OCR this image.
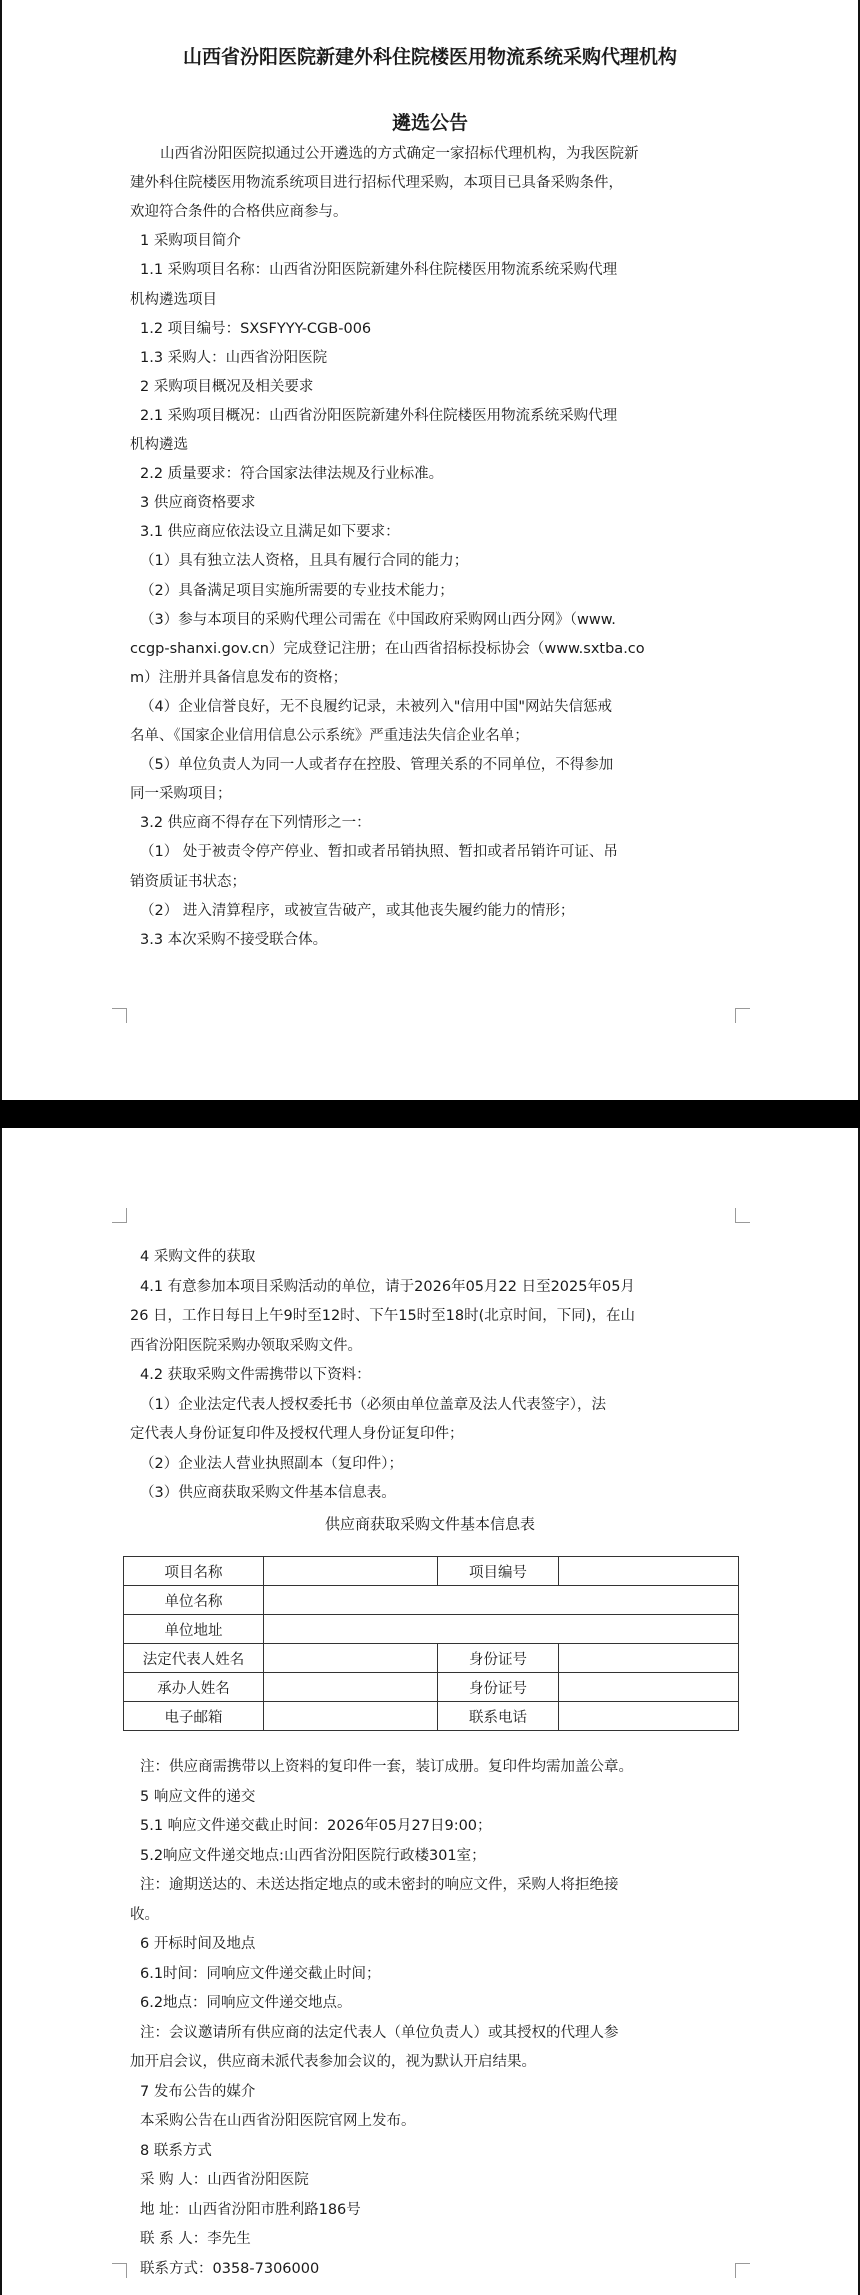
山西省汾阳医院新建外科住院楼医用物流系统采购代理机构
遴选公告
山西省汾阳医院拟通过公开遴选的方式确定一家招标代理机构，为我医院新
建外科住院楼医用物流系统项目进行招标代理采购，本项目已具备采购条件，
欢迎符合条件的合格供应商参与。
1 采购项目简介
1.1 采购项目名称：山西省汾阳医院新建外科住院楼医用物流系统采购代理
机构遴选项目
1.2 项目编号：SXSFYYY-CGB-006
1.3 采购人：山西省汾阳医院
2 采购项目概况及相关要求
2.1 采购项目概况：山西省汾阳医院新建外科住院楼医用物流系统采购代理
机构遴选
2.2 质量要求：符合国家法律法规及行业标准。
3 供应商资格要求
3.1 供应商应依法设立且满足如下要求：
（1）具有独立法人资格，且具有履行合同的能力；
（2）具备满足项目实施所需要的专业技术能力；
（3）参与本项目的采购代理公司需在《中国政府采购网山西分网》（www.
ccgp-shanxi.gov.cn）完成登记注册；在山西省招标投标协会（www.sxtba.co
m）注册并具备信息发布的资格；
（4）企业信誉良好，无不良履约记录，未被列入"信用中国"网站失信惩戒
名单、《国家企业信用信息公示系统》严重违法失信企业名单；
（5）单位负责人为同一人或者存在控股、管理关系的不同单位，不得参加
同一采购项目；
3.2 供应商不得存在下列情形之一：
（1） 处于被责令停产停业、暂扣或者吊销执照、暂扣或者吊销许可证、吊
销资质证书状态；
（2） 进入清算程序，或被宣告破产，或其他丧失履约能力的情形；
3.3 本次采购不接受联合体。
4 采购文件的获取
4.1 有意参加本项目采购活动的单位，请于2026年05月22 日至2025年05月
26 日，工作日每日上午9时至12时、下午15时至18时(北京时间，下同)，在山
西省汾阳医院采购办领取采购文件。
4.2 获取采购文件需携带以下资料：
（1）企业法定代表人授权委托书（必须由单位盖章及法人代表签字），法
定代表人身份证复印件及授权代理人身份证复印件；
（2）企业法人营业执照副本（复印件）；
（3）供应商获取采购文件基本信息表。
供应商获取采购文件基本信息表
项目名称		项目编号	
单位名称			
单位地址			
法定代表人姓名		身份证号	
承办人姓名		身份证号	
电子邮箱		联系电话	
注：供应商需携带以上资料的复印件一套，装订成册。复印件均需加盖公章。
5 响应文件的递交
5.1 响应文件递交截止时间：2026年05月27日9:00；
5.2响应文件递交地点:山西省汾阳医院行政楼301室；
注：逾期送达的、未送达指定地点的或未密封的响应文件，采购人将拒绝接
收。
6 开标时间及地点
6.1时间：同响应文件递交截止时间；
6.2地点：同响应文件递交地点。
注：会议邀请所有供应商的法定代表人（单位负责人）或其授权的代理人参
加开启会议，供应商未派代表参加会议的，视为默认开启结果。
7 发布公告的媒介
本采购公告在山西省汾阳医院官网上发布。
8 联系方式
采 购 人：山西省汾阳医院
地 址：山西省汾阳市胜利路186号
联 系 人：李先生
联系方式：0358-7306000
